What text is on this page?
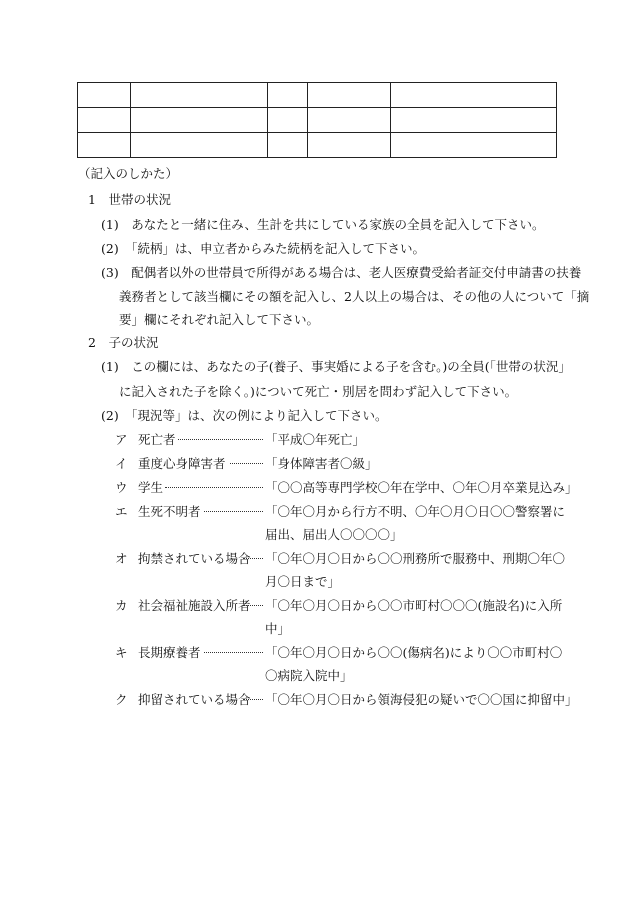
（記入のしかた）
1　世帯の状況
(1)　あなたと一緒に住み、生計を共にしている家族の全員を記入して下さい。
(2)　「続柄」は、申立者からみた続柄を記入して下さい。
(3)　配偶者以外の世帯員で所得がある場合は、老人医療費受給者証交付申請書の扶養
義務者として該当欄にその額を記入し、2人以上の場合は、その他の人について「摘
要」欄にそれぞれ記入して下さい。
2　子の状況
(1)　この欄には、あなたの子(養子、事実婚による子を含む。)の全員(「世帯の状況」
に記入された子を除く。)について死亡・別居を問わず記入して下さい。
(2)　「現況等」は、次の例により記入して下さい。
ア 死亡者	「平成〇年死亡」
イ 重度心身障害者	「身体障害者〇級」
ウ 学生	「〇〇高等専門学校〇年在学中、〇年〇月卒業見込み」
エ 生死不明者	「〇年〇月から行方不明、〇年〇月〇日〇〇警察署に
届出、届出人〇〇〇〇」
オ 拘禁されている場合 「〇年〇月〇日から〇〇刑務所で服務中、刑期〇年〇
月〇日まで」
カ 社会福祉施設入所者 「〇年〇月〇日から〇〇市町村〇〇〇(施設名)に入所
中」
キ 長期療養者	「〇年〇月〇日から〇〇(傷病名)により〇〇市町村〇
〇病院入院中」
ク 抑留されている場合 「〇年〇月〇日から領海侵犯の疑いで〇〇国に抑留中」
